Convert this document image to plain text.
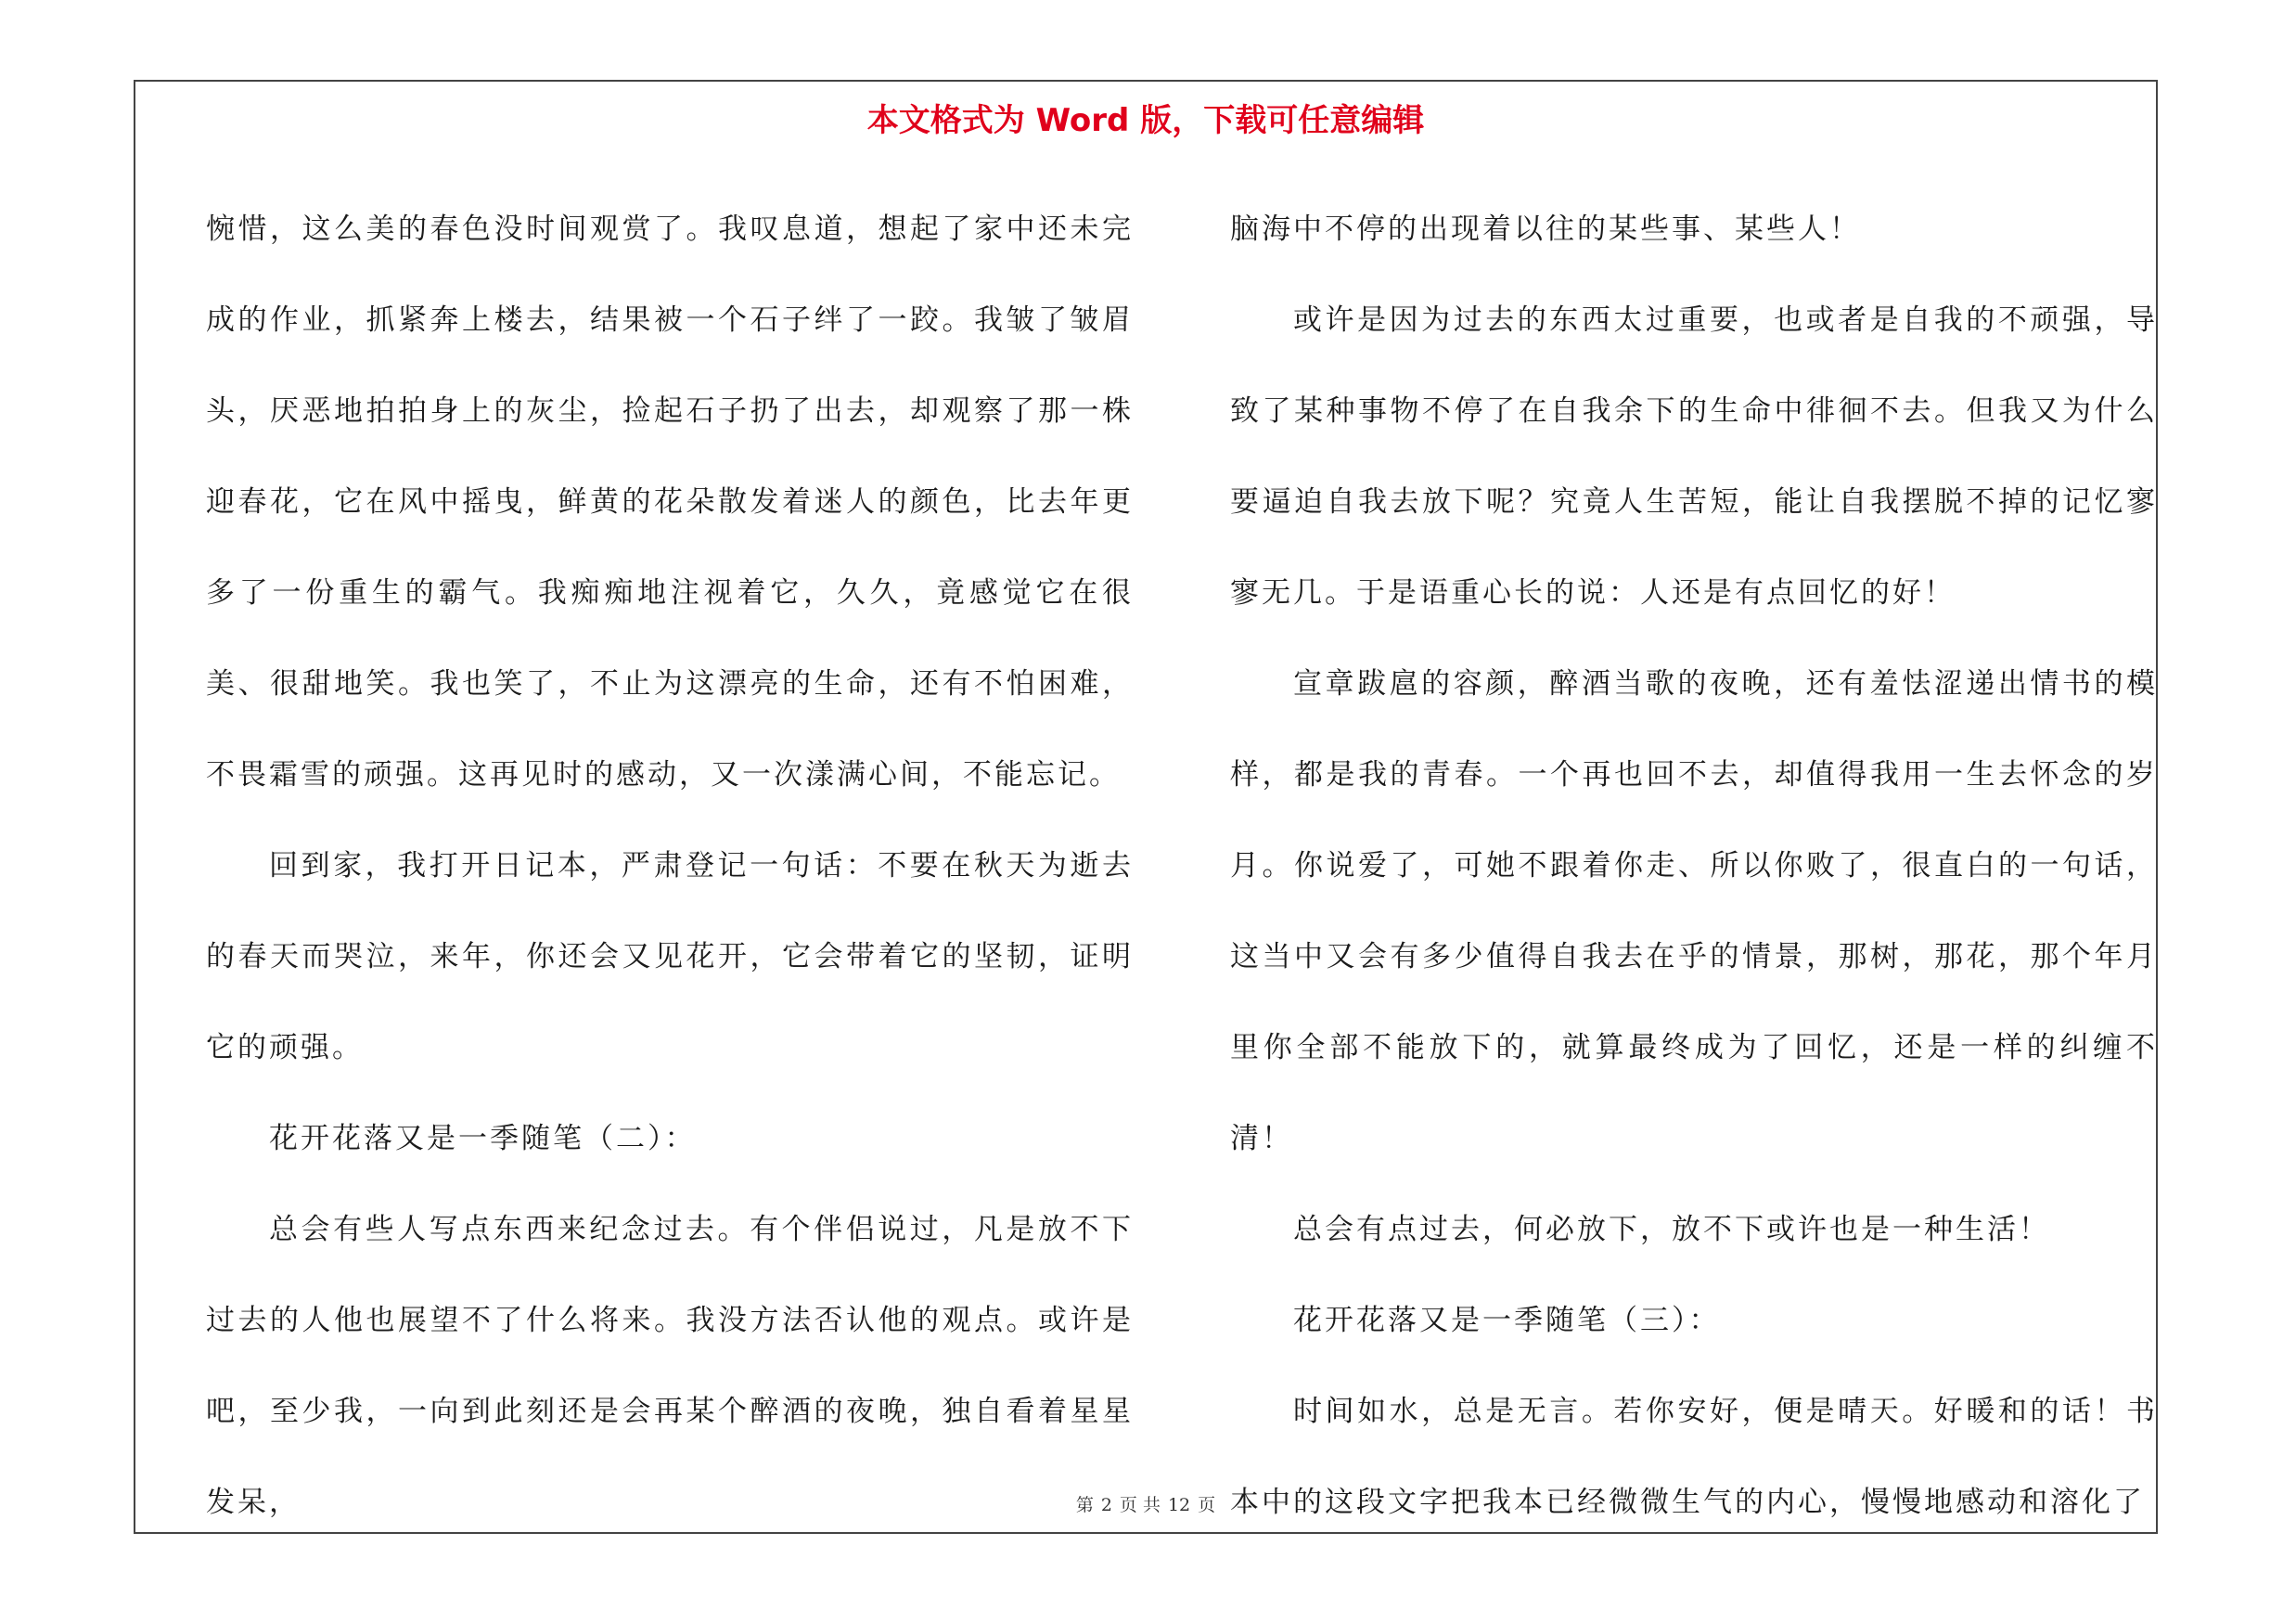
本文格式为 Word 版，下载可任意编辑

惋惜，这么美的春色没时间观赏了。我叹息道，想起了家中还未完成的作业，抓紧奔上楼去，结果被一个石子绊了一跤。我皱了皱眉头，厌恶地拍拍身上的灰尘，捡起石子扔了出去，却观察了那一株迎春花，它在风中摇曳，鲜黄的花朵散发着迷人的颜色，比去年更多了一份重生的霸气。我痴痴地注视着它，久久，竟感觉它在很美、很甜地笑。我也笑了，不止为这漂亮的生命，还有不怕困难，不畏霜雪的顽强。这再见时的感动，又一次漾满心间，不能忘记。

回到家，我打开日记本，严肃登记一句话：不要在秋天为逝去的春天而哭泣，来年，你还会又见花开，它会带着它的坚韧，证明它的顽强。

花开花落又是一季随笔（二）：

总会有些人写点东西来纪念过去。有个伴侣说过，凡是放不下过去的人他也展望不了什么将来。我没方法否认他的观点。或许是吧，至少我，一向到此刻还是会再某个醉酒的夜晚，独自看着星星发呆，

脑海中不停的出现着以往的某些事、某些人！

或许是因为过去的东西太过重要，也或者是自我的不顽强，导致了某种事物不停了在自我余下的生命中徘徊不去。但我又为什么要逼迫自我去放下呢？究竟人生苦短，能让自我摆脱不掉的记忆寥寥无几。于是语重心长的说：人还是有点回忆的好！

宣章跋扈的容颜，醉酒当歌的夜晚，还有羞怯涩递出情书的模样，都是我的青春。一个再也回不去，却值得我用一生去怀念的岁月。你说爱了，可她不跟着你走、所以你败了，很直白的一句话，这当中又会有多少值得自我去在乎的情景，那树，那花，那个年月里你全部不能放下的，就算最终成为了回忆，还是一样的纠缠不清！

总会有点过去，何必放下，放不下或许也是一种生活！

花开花落又是一季随笔（三）：

时间如水，总是无言。若你安好，便是晴天。好暖和的话！书本中的这段文字把我本已经微微生气的内心，慢慢地感动和溶化了

第 2 页 共 12 页
